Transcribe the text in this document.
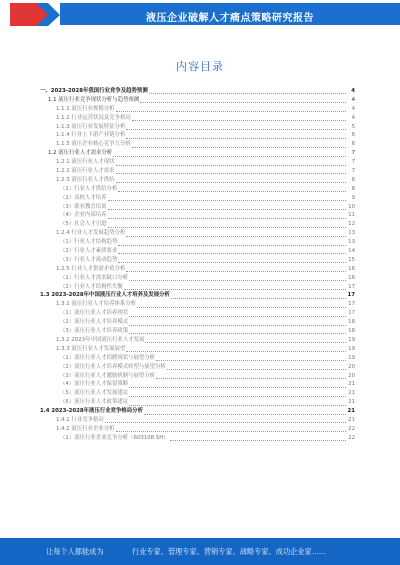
液压企业破解人才痛点策略研究报告
内容目录
一、2023-2028年我国行业竞争及趋势预测	4
1.1 液压行业竞争现状分析与趋势预测	4
1.1.1 液压行业规模分析	4
1.1.2 行业运营状况及竞争格局	4
1.1.3 液压行业发展特征分析	5
1.1.4 行业上下游产业链分析	6
1.1.5 液压企业核心竞争力分析	6
1.2 液压行业人才需求分析	7
1.2.1 液压行业人才现状	7
1.2.2 液压行业人才需求	7
1.2.3 液压行业人才供给	8
（1）行业人才供给分析	8
（2）高校人才培养	9
（3）职业教育培训	10
（4）企业内部培养	11
（5）社会人才引进	12
1.2.4 行业人才发展趋势分析	13
（1）行业人才结构趋势	13
（2）行业人才素质要求	14
（3）行业人才流动趋势	15
1.2.5 行业人才供需矛盾分析	16
（1）行业人才需求缺口分析	16
（2）行业人才结构性失衡	17
1.3 2023-2028年中国液压行业人才培养及发展分析	17
1.3.1 液压行业人才培养体系分析	17
（1）液压行业人才培养现状	17
（2）液压行业人才培养模式	18
（3）液压行业人才培养政策	18
1.3.2 2023年中国液压行业人才发展	19
1.3.3 液压行业人才发展展望	19
（1）液压行业人才招聘现状与展望分析	19
（2）液压行业人才培养模式转型与展望分析	20
（3）液压行业人才激励机制与展望分析	20
（4）液压行业人才保留策略	21
（5）液压行业人才发展建议	21
（6）液压行业人才政策建议	21
1.4 2023-2028年液压行业竞争格局分析	21
1.4.1 行业竞争格局	21
1.4.2 液压行业企业分析	22
（1）液压行业企业竞争分析（603108.SH）	22
让每个人都能成为	行业专家、管理专家、营销专家、战略专家、成功企业家……
